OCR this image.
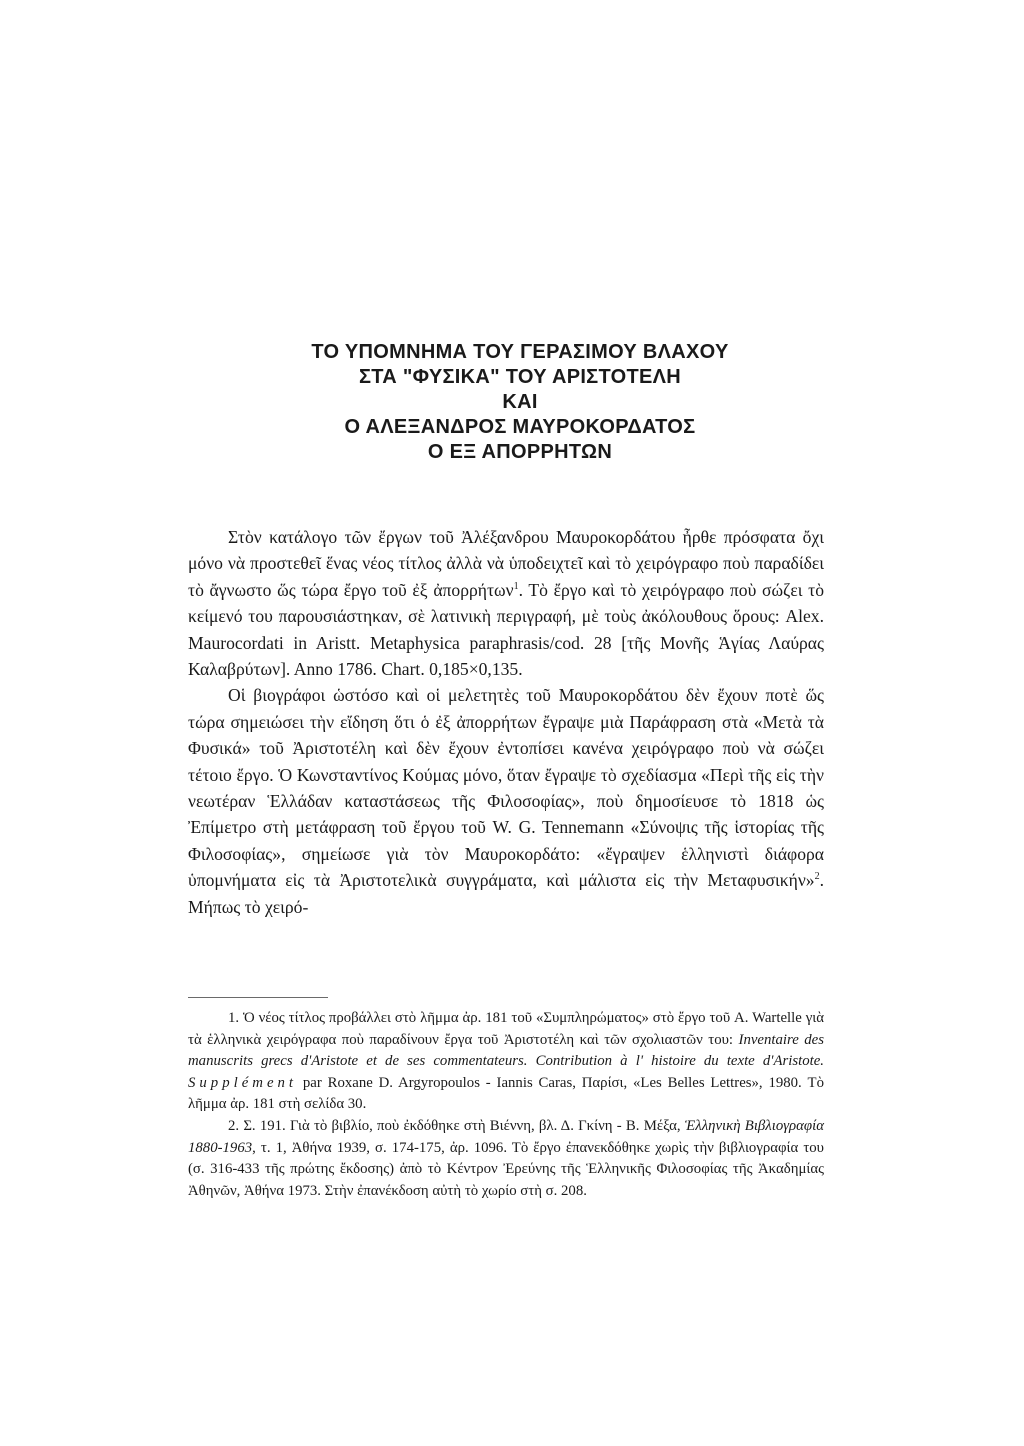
ΤΟ ΥΠΟΜΝΗΜΑ ΤΟΥ ΓΕΡΑΣΙΜΟΥ ΒΛΑΧΟΥ
ΣΤΑ "ΦΥΣΙΚΑ" ΤΟΥ ΑΡΙΣΤΟΤΕΛΗ
ΚΑΙ
Ο ΑΛΕΞΑΝΔΡΟΣ ΜΑΥΡΟΚΟΡΔΑΤΟΣ
Ο ΕΞ ΑΠΟΡΡΗΤΩΝ

Στὸν κατάλογο τῶν ἔργων τοῦ Ἀλέξανδρου Μαυροκορδάτου ἦρθε πρόσφατα ὄχι μόνο νὰ προστεθεῖ ἕνας νέος τίτλος ἀλλὰ νὰ ὑποδειχτεῖ καὶ τὸ χειρόγραφο ποὺ παραδίδει τὸ ἄγνωστο ὥς τώρα ἔργο τοῦ ἐξ ἀπορρήτων$^1$. Τὸ ἔργο καὶ τὸ χειρόγραφο ποὺ σώζει τὸ κείμενό του παρουσιάστηκαν, σὲ λατινικὴ περιγραφή, μὲ τοὺς ἀκόλουθους ὅρους: Alex. Maurocordati in Aristt. Metaphysica paraphrasis/cod. 28 [τῆς Μονῆς Ἁγίας Λαύρας Καλαβρύτων]. Anno 1786. Chart. 0,185×0,135.

Οἱ βιογράφοι ὡστόσο καὶ οἱ μελετητὲς τοῦ Μαυροκορδάτου δὲν ἔχουν ποτὲ ὥς τώρα σημειώσει τὴν εἴδηση ὅτι ὁ ἐξ ἀπορρήτων ἔγραψε μιὰ Παράφραση στὰ «Μετὰ τὰ Φυσικά» τοῦ Ἀριστοτέλη καὶ δὲν ἔχουν ἐντοπίσει κανένα χειρόγραφο ποὺ νὰ σώζει τέτοιο ἔργο. Ὁ Κωνσταντίνος Κούμας μόνο, ὅταν ἔγραψε τὸ σχεδίασμα «Περὶ τῆς εἰς τὴν νεωτέραν Ἑλλάδαν καταστάσεως τῆς Φιλοσοφίας», ποὺ δημοσίευσε τὸ 1818 ὡς Ἐπίμετρο στὴ μετάφραση τοῦ ἔργου τοῦ W. G. Tennemann «Σύνοψις τῆς ἱστορίας τῆς Φιλοσοφίας», σημείωσε γιὰ τὸν Μαυροκορδάτο: «ἔγραψεν ἑλληνιστὶ διάφορα ὑπομνήματα εἰς τὰ Ἀριστοτελικὰ συγγράματα, καὶ μάλιστα εἰς τὴν Μεταφυσικήν»$^2$. Μήπως τὸ χειρό-

1. Ὁ νέος τίτλος προβάλλει στὸ λῆμμα ἀρ. 181 τοῦ «Συμπληρώματος» στὸ ἔργο τοῦ A. Wartelle γιὰ τὰ ἑλληνικὰ χειρόγραφα ποὺ παραδίνουν ἔργα τοῦ Ἀριστοτέλη καὶ τῶν σχολιαστῶν του: Inventaire des manuscrits grecs d'Aristote et de ses commentateurs. Contribution à l' histoire du texte d'Aristote. Supplément par Roxane D. Argyropoulos - Iannis Caras, Παρίσι, «Les Belles Lettres», 1980. Τὸ λῆμμα ἀρ. 181 στὴ σελίδα 30.

2. Σ. 191. Γιὰ τὸ βιβλίο, ποὺ ἐκδόθηκε στὴ Βιέννη, βλ. Δ. Γκίνη - Β. Μέξα, Ἑλληνικὴ Βιβλιογραφία 1880-1963, τ. 1, Ἀθήνα 1939, σ. 174-175, ἀρ. 1096. Τὸ ἔργο ἐπανεκδόθηκε χωρὶς τὴν βιβλιογραφία του (σ. 316-433 τῆς πρώτης ἔκδοσης) ἀπὸ τὸ Κέντρον Ἐρεύνης τῆς Ἑλληνικῆς Φιλοσοφίας τῆς Ἀκαδημίας Ἀθηνῶν, Ἀθήνα 1973. Στὴν ἐπανέκδοση αὐτὴ τὸ χωρίο στὴ σ. 208.
